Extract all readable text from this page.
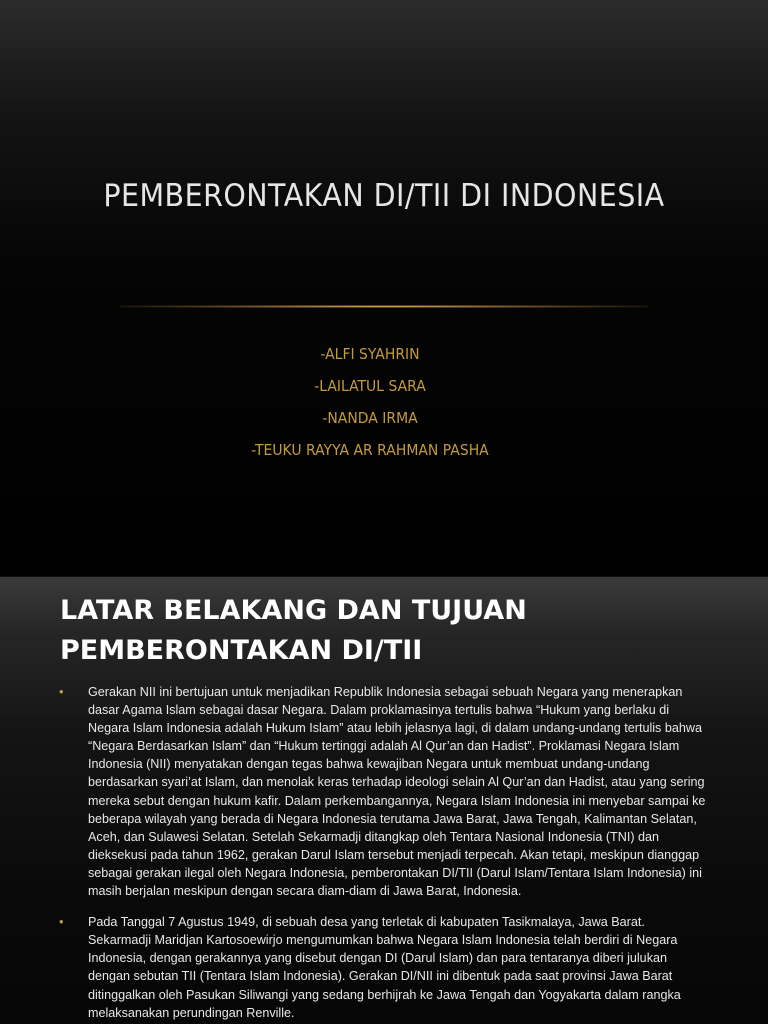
PEMBERONTAKAN DI/TII DI INDONESIA
-ALFI SYAHRIN
-LAILATUL SARA
-NANDA IRMA
-TEUKU RAYYA AR RAHMAN PASHA
LATAR BELAKANG DAN TUJUAN
PEMBERONTAKAN DI/TII
• Gerakan NII ini bertujuan untuk menjadikan Republik Indonesia sebagai sebuah Negara yang menerapkan dasar Agama Islam sebagai dasar Negara. Dalam proklamasinya tertulis bahwa “Hukum yang berlaku di Negara Islam Indonesia adalah Hukum Islam” atau lebih jelasnya lagi, di dalam undang-undang tertulis bahwa “Negara Berdasarkan Islam” dan “Hukum tertinggi adalah Al Qur’an dan Hadist”. Proklamasi Negara Islam Indonesia (NII) menyatakan dengan tegas bahwa kewajiban Negara untuk membuat undang-undang berdasarkan syari’at Islam, dan menolak keras terhadap ideologi selain Al Qur’an dan Hadist, atau yang sering mereka sebut dengan hukum kafir. Dalam perkembangannya, Negara Islam Indonesia ini menyebar sampai ke beberapa wilayah yang berada di Negara Indonesia terutama Jawa Barat, Jawa Tengah, Kalimantan Selatan, Aceh, dan Sulawesi Selatan. Setelah Sekarmadji ditangkap oleh Tentara Nasional Indonesia (TNI) dan dieksekusi pada tahun 1962, gerakan Darul Islam tersebut menjadi terpecah. Akan tetapi, meskipun dianggap sebagai gerakan ilegal oleh Negara Indonesia, pemberontakan DI/TII (Darul Islam/Tentara Islam Indonesia) ini masih berjalan meskipun dengan secara diam-diam di Jawa Barat, Indonesia.
• Pada Tanggal 7 Agustus 1949, di sebuah desa yang terletak di kabupaten Tasikmalaya, Jawa Barat. Sekarmadji Maridjan Kartosoewirjo mengumumkan bahwa Negara Islam Indonesia telah berdiri di Negara Indonesia, dengan gerakannya yang disebut dengan DI (Darul Islam) dan para tentaranya diberi julukan dengan sebutan TII (Tentara Islam Indonesia). Gerakan DI/NII ini dibentuk pada saat provinsi Jawa Barat ditinggalkan oleh Pasukan Siliwangi yang sedang berhijrah ke Jawa Tengah dan Yogyakarta dalam rangka melaksanakan perundingan Renville.
